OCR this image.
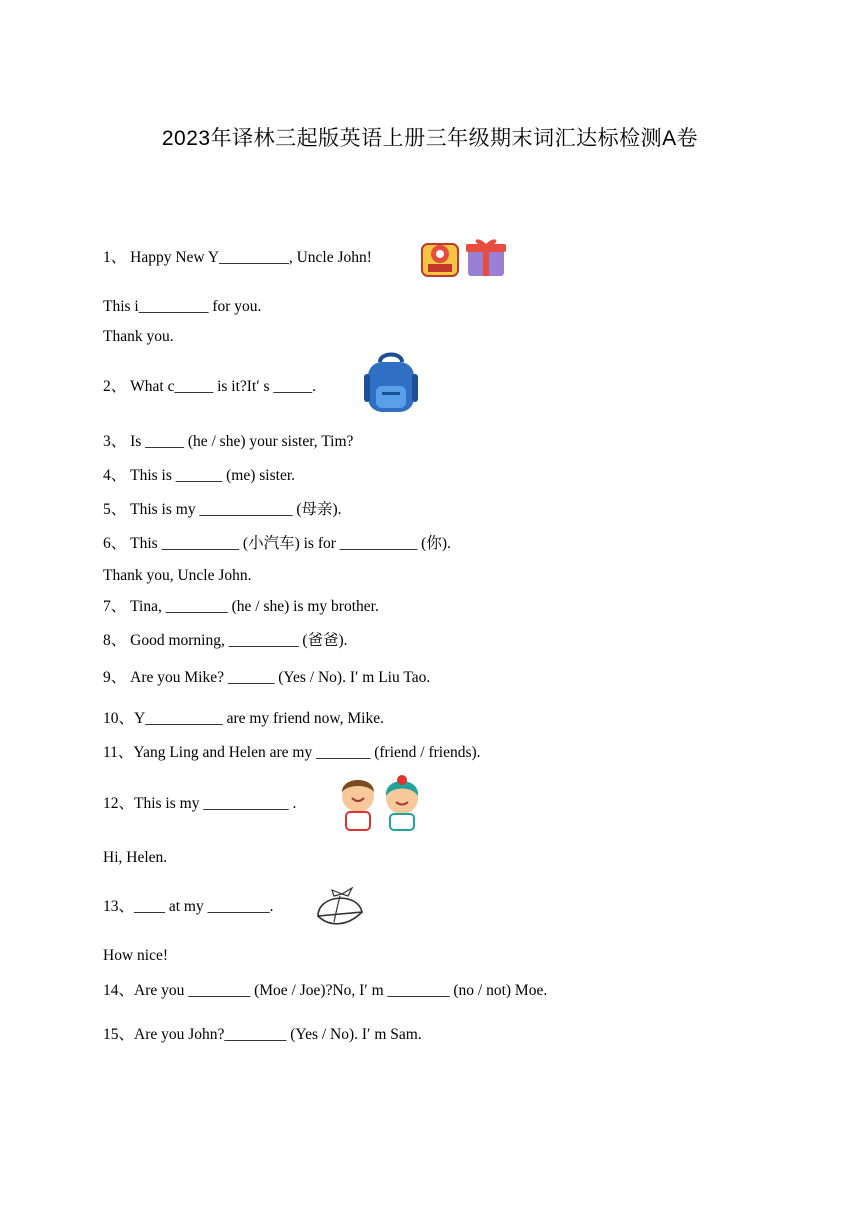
2023年译林三起版英语上册三年级期末词汇达标检测A卷
1、 Happy New Y_________, Uncle John!
This i_________ for you.
Thank you.
2、 What c_____ is it?It′ s _____.
3、 Is _____ (he / she) your sister, Tim?
4、 This is ______ (me) sister.
5、 This is my ____________ (母亲).
6、 This __________ (小汽车) is for __________ (你).
Thank you, Uncle John.
7、 Tina, ________ (he / she) is my brother.
8、 Good morning, _________ (爸爸).
9、 Are you Mike? ______ (Yes / No). I′ m Liu Tao.
10、Y__________ are my friend now, Mike.
11、Yang Ling and Helen are my _______ (friend / friends).
12、This is my ___________ .
Hi, Helen.
13、____ at my ________.
How nice!
14、Are you ________ (Moe / Joe)?No, I′ m ________ (no / not) Moe.
15、Are you John?________ (Yes / No). I′ m Sam.
